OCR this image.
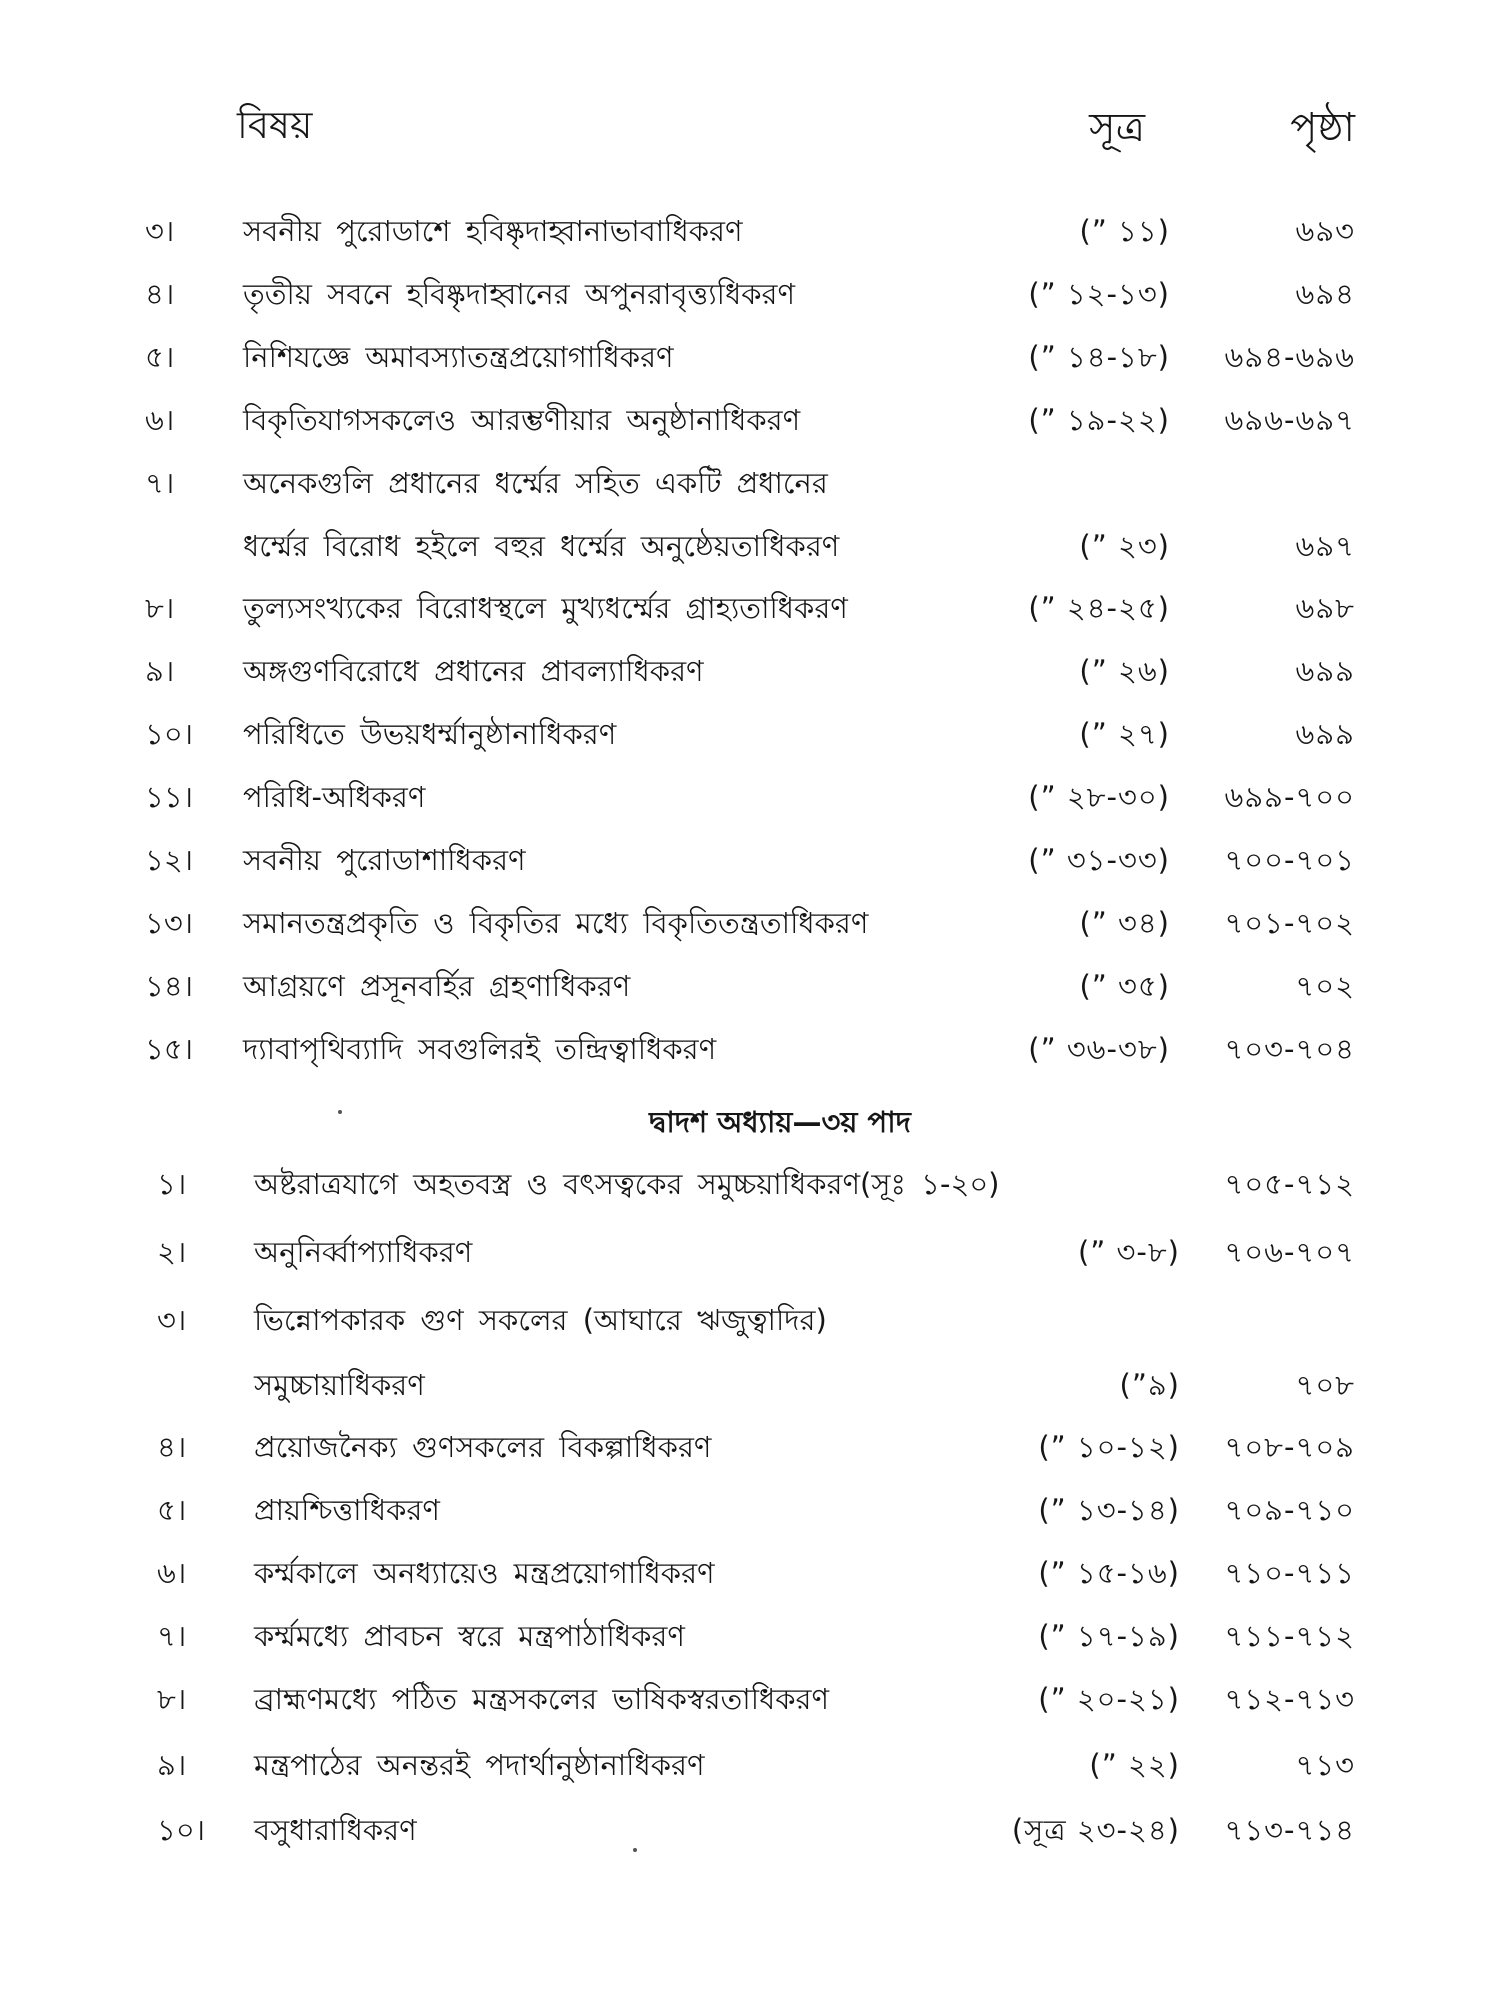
বিষয়	সূত্র	পৃষ্ঠা
৩।	সবনীয় পুরোডাশে হবিষ্কৃদাহ্বানাভাবাধিকরণ	(” ১১)	৬৯৩
৪।	তৃতীয় সবনে হবিষ্কৃদাহ্বানের অপুনরাবৃত্ত্যধিকরণ	(” ১২-১৩)	৬৯৪
৫।	নিশিযজ্ঞে অমাবস্যাতন্ত্রপ্রয়োগাধিকরণ	(” ১৪-১৮) ৬৯৪-৬৯৬
৬।	বিকৃতিযাগসকলেও আরম্ভণীয়ার অনুষ্ঠানাধিকরণ	(” ১৯-২২) ৬৯৬-৬৯৭
৭।	অনেকগুলি প্রধানের ধর্ম্মের সহিত একটি প্রধানের
ধর্ম্মের বিরোধ হইলে বহুর ধর্ম্মের অনুষ্ঠেয়তাধিকরণ	(” ২৩)	৬৯৭
৮।	তুল্যসংখ্যকের বিরোধস্থলে মুখ্যধর্ম্মের গ্রাহ্যতাধিকরণ	(” ২৪-২৫)	৬৯৮
৯।	অঙ্গগুণবিরোধে প্রধানের প্রাবল্যাধিকরণ	(” ২৬)	৬৯৯
১০।	পরিধিতে উভয়ধর্ম্মানুষ্ঠানাধিকরণ	(” ২৭)	৬৯৯
১১।	পরিধি-অধিকরণ	(” ২৮-৩০) ৬৯৯-৭০০
১২।	সবনীয় পুরোডাশাধিকরণ	(” ৩১-৩৩) ৭০০-৭০১
১৩।	সমানতন্ত্রপ্রকৃতি ও বিকৃতির মধ্যে বিকৃতিতন্ত্রতাধিকরণ	(” ৩৪) ৭০১-৭০২
১৪।	আগ্রয়ণে প্রসূনবর্হির গ্রহণাধিকরণ	(” ৩৫)	৭০২
১৫।	দ্যাবাপৃথিব্যাদি সবগুলিরই তন্দ্রিত্বাধিকরণ	(” ৩৬-৩৮) ৭০৩-৭০৪
দ্বাদশ অধ্যায়—৩য় পাদ
১।	অষ্টরাত্রযাগে অহতবস্ত্র ও বৎসত্বকের সমুচ্চয়াধিকরণ(সূঃ ১-২০)	৭০৫-৭১২
২।	অনুনির্ব্বাপ্যাধিকরণ	(” ৩-৮) ৭০৬-৭০৭
৩।	ভিন্নোপকারক গুণ সকলের (আঘারে ঋজুত্বাদির)
সমুচ্চায়াধিকরণ	(”৯)	৭০৮
৪।	প্রয়োজনৈক্য গুণসকলের বিকল্পাধিকরণ	(” ১০-১২) ৭০৮-৭০৯
৫।	প্রায়শ্চিত্তাধিকরণ	(” ১৩-১৪) ৭০৯-৭১০
৬।	কর্ম্মকালে অনধ্যায়েও মন্ত্রপ্রয়োগাধিকরণ	(” ১৫-১৬) ৭১০-৭১১
৭।	কর্ম্মমধ্যে প্রাবচন স্বরে মন্ত্রপাঠাধিকরণ	(” ১৭-১৯) ৭১১-৭১২
৮।	ব্রাহ্মণমধ্যে পঠিত মন্ত্রসকলের ভাষিকস্বরতাধিকরণ	(” ২০-২১) ৭১২-৭১৩
৯।	মন্ত্রপাঠের অনন্তরই পদার্থানুষ্ঠানাধিকরণ	(” ২২)	৭১৩
১০।	বসুধারাধিকরণ	(সূত্র ২৩-২৪) ৭১৩-৭১৪
